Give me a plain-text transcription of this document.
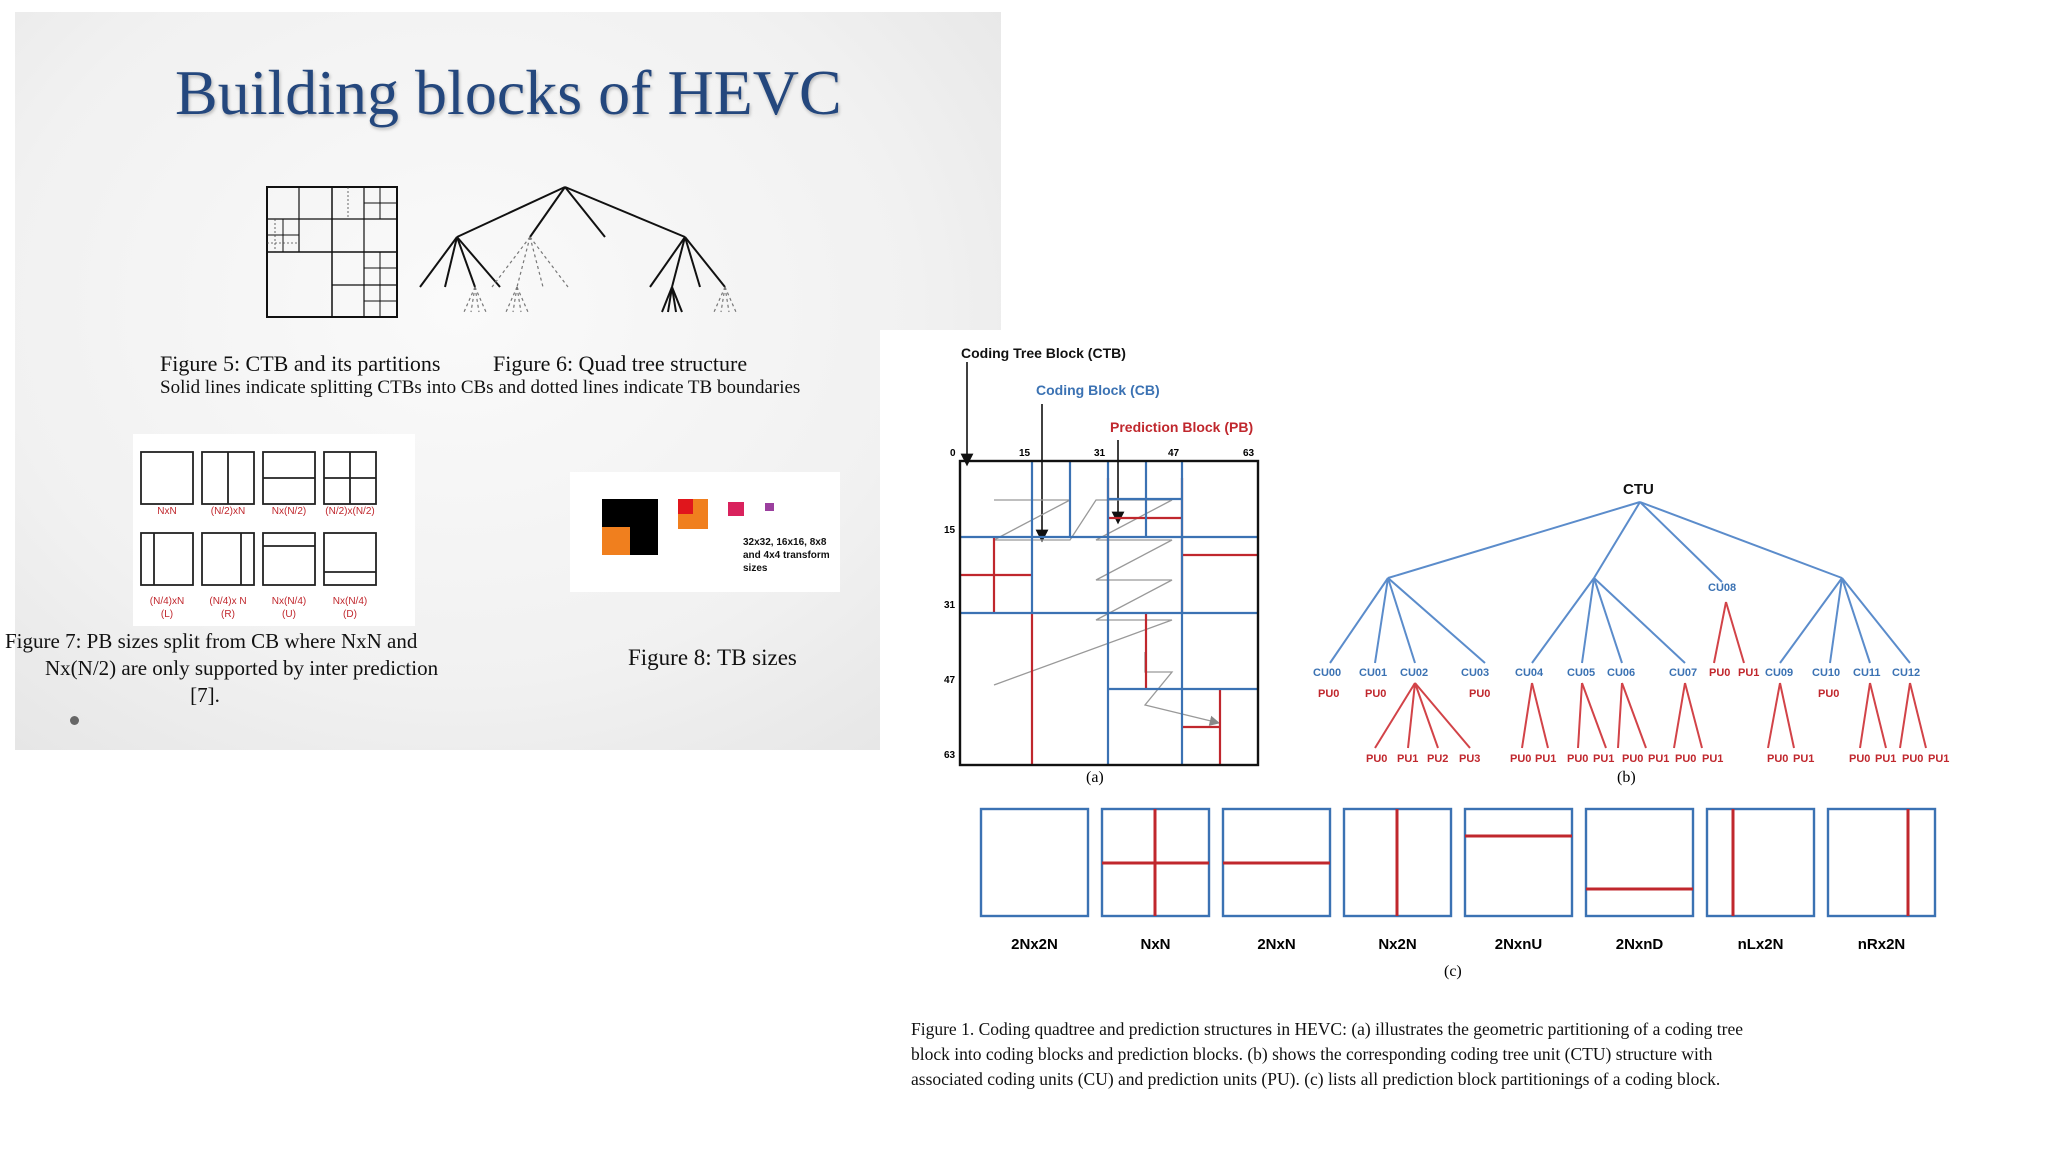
Building blocks of HEVC
Figure 5: CTB and its partitions Figure 6: Quad tree structure
Solid lines indicate splitting CTBs into CBs and dotted lines indicate TB boundaries
NxN	(N/2)xN	Nx(N/2)	(N/2)x(N/2)
(N/4)xN
(L)
(N/4)x N
(R)
Nx(N/4)
(U)
Nx(N/4)
(D)
32x32, 16x16, 8x8
and 4x4 transform
sizes
Figure 7: PB sizes split from CB where NxN and
Nx(N/2) are only supported by inter prediction
[7].
Figure 8: TB sizes
Coding Tree Block (CTB)
Coding Block (CB)
Prediction Block (PB)
0	15	31	47	63
15
31
47
63
(a)
CTU
CU08
CU00 CU01 CU02	CU03 CU04 CU05 CU06	CU07	CU09 CU10 CU11 CU12
PU0 PU0	PU0	PU0
PU0 PU1
PU0 PU1 PU2 PU3	PU0 PU1 PU0 PU1 PU0 PU1 PU0 PU1	PU0 PU1	PU0 PU1 PU0 PU1
(b)
2Nx2N	NxN	2NxN	Nx2N	2NxnU	2NxnD	nLx2N	nRx2N
(c)
Figure 1. Coding quadtree and prediction structures in HEVC: (a) illustrates the geometric partitioning of a coding tree
block into coding blocks and prediction blocks. (b) shows the corresponding coding tree unit (CTU) structure with
associated coding units (CU) and prediction units (PU). (c) lists all prediction block partitionings of a coding block.
